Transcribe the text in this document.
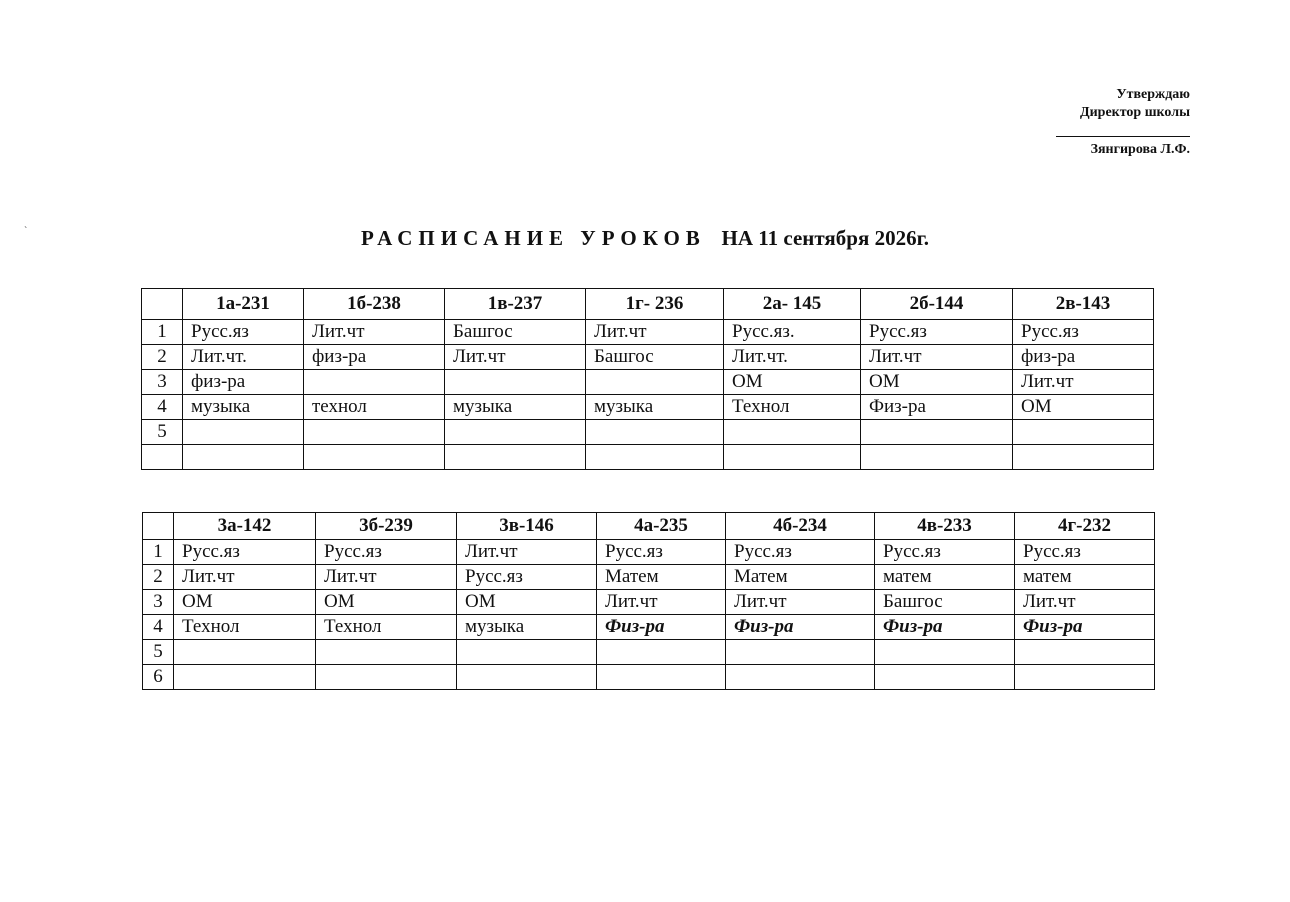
Утверждаю
Директор школы
Зянгирова Л.Ф.
ˋ	РАСПИСАНИЕ УРОКОВ НА 11 сентября 2026г.
	1а-231	1б-238	1в-237	1г- 236	2а- 145	2б-144	2в-143
1	Русс.яз	Лит.чт	Башгос	Лит.чт	Русс.яз.	Русс.яз	Русс.яз
2	Лит.чт.	физ-ра	Лит.чт	Башгос	Лит.чт.	Лит.чт	физ-ра
3	физ-ра				ОМ	ОМ	Лит.чт
4	музыка	технол	музыка	музыка	Технол	Физ-ра	ОМ
5							

	3а-142	3б-239	3в-146	4а-235	4б-234	4в-233	4г-232
1	Русс.яз	Русс.яз	Лит.чт	Русс.яз	Русс.яз	Русс.яз	Русс.яз
2	Лит.чт	Лит.чт	Русс.яз	Матем	Матем	матем	матем
3	ОМ	ОМ	ОМ	Лит.чт	Лит.чт	Башгос	Лит.чт
4	Технол	Технол	музыка	Физ-ра	Физ-ра	Физ-ра	Физ-ра
5							
6							
